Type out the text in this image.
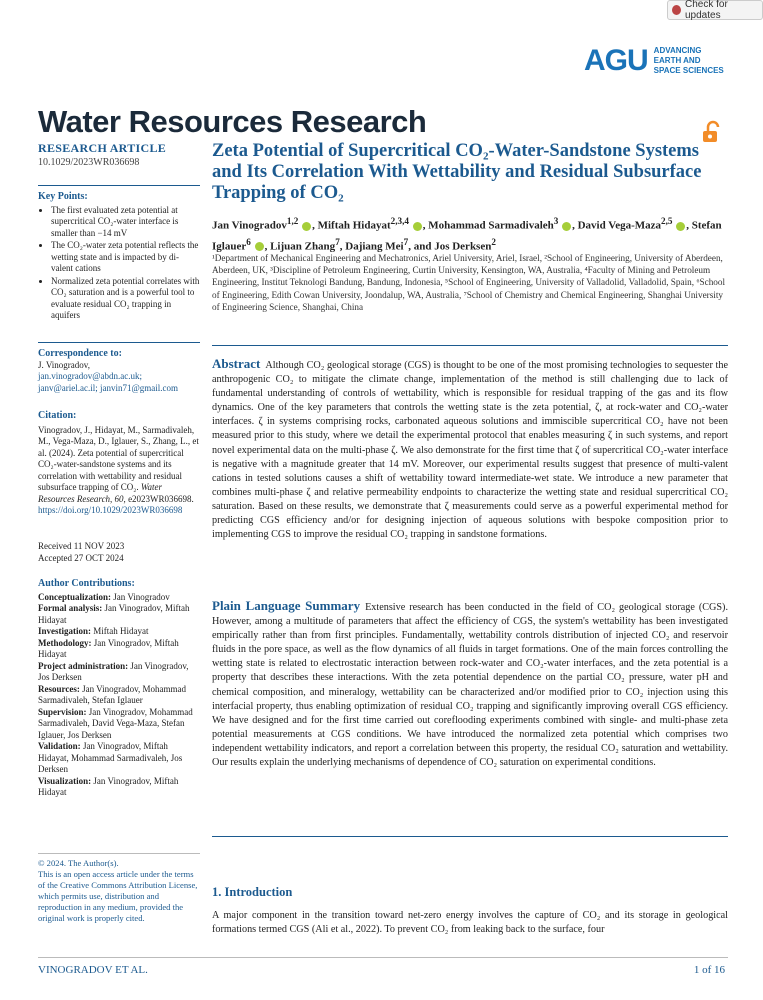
Check for updates
AGU ADVANCING
EARTH AND
SPACE SCIENCES
Water Resources Research
RESEARCH ARTICLE
10.1029/2023WR036698
Key Points:
• The first evaluated zeta potential at supercritical CO₂-water interface is smaller than −14 mV
• The CO₂-water zeta potential reflects the wetting state and is impacted by di-valent cations
• Normalized zeta potential correlates with CO₂ saturation and is a powerful tool to evaluate residual CO₂ trapping in aquifers
Correspondence to:
J. Vinogradov,
jan.vinogradov@abdn.ac.uk; janv@ariel.ac.il; janvin71@gmail.com
Citation:
Vinogradov, J., Hidayat, M., Sarmadivaleh, M., Vega-Maza, D., Iglauer, S., Zhang, L., et al. (2024). Zeta potential of supercritical CO₂-water-sandstone systems and its correlation with wettability and residual subsurface trapping of CO₂. Water Resources Research, 60, e2023WR036698. https://doi.org/10.1029/2023WR036698
Received 11 NOV 2023
Accepted 27 OCT 2024
Author Contributions:
Conceptualization: Jan Vinogradov
Formal analysis: Jan Vinogradov, Miftah Hidayat
Investigation: Miftah Hidayat
Methodology: Jan Vinogradov, Miftah Hidayat
Project administration: Jan Vinogradov, Jos Derksen
Resources: Jan Vinogradov, Mohammad Sarmadivaleh, Stefan Iglauer
Supervision: Jan Vinogradov, Mohammad Sarmadivaleh, David Vega-Maza, Stefan Iglauer, Jos Derksen
Validation: Jan Vinogradov, Miftah Hidayat, Mohammad Sarmadivaleh, Jos Derksen
Visualization: Jan Vinogradov, Miftah Hidayat
© 2024. The Author(s).
This is an open access article under the terms of the Creative Commons Attribution License, which permits use, distribution and reproduction in any medium, provided the original work is properly cited.
Zeta Potential of Supercritical CO₂-Water-Sandstone Systems and Its Correlation With Wettability and Residual Subsurface Trapping of CO₂
Jan Vinogradov$^{1,2}$ , Miftah Hidayat$^{2,3,4}$ , Mohammad Sarmadivaleh$^3$ , David Vega-Maza$^{2,5}$ , Stefan Iglauer$^6$ , Lijuan Zhang$^7$, Dajiang Mei$^7$, and Jos Derksen$^2$
¹Department of Mechanical Engineering and Mechatronics, Ariel University, Ariel, Israel, ²School of Engineering, University of Aberdeen, Aberdeen, UK, ³Discipline of Petroleum Engineering, Curtin University, Kensington, WA, Australia, ⁴Faculty of Mining and Petroleum Engineering, Institut Teknologi Bandung, Bandung, Indonesia, ⁵School of Engineering, University of Valladolid, Valladolid, Spain, ⁶School of Engineering, Edith Cowan University, Joondalup, WA, Australia, ⁷School of Chemistry and Chemical Engineering, Shanghai University of Engineering Science, Shanghai, China
Abstract Although CO₂ geological storage (CGS) is thought to be one of the most promising technologies to sequester the anthropogenic CO₂ to mitigate the climate change, implementation of the method is still challenging due to lack of fundamental understanding of controls of wettability, which is responsible for residual trapping of the gas and its flow dynamics. One of the key parameters that controls the wetting state is the zeta potential, ζ, at rock-water and CO₂-water interfaces. ζ in systems comprising rocks, carbonated aqueous solutions and immiscible supercritical CO₂ have not been measured prior to this study, where we detail the experimental protocol that enables measuring ζ in such systems, and report novel experimental data on the multi-phase ζ. We also demonstrate for the first time that ζ of supercritical CO₂-water interface is negative with a magnitude greater that 14 mV. Moreover, our experimental results suggest that presence of multi-valent cations in tested solutions causes a shift of wettability toward intermediate-wet state. We introduce a new parameter that combines multi-phase ζ and relative permeability endpoints to characterize the wetting state and residual supercritical CO₂ saturation. Based on these results, we demonstrate that ζ measurements could serve as a powerful experimental method for predicting CGS efficiency and/or for designing injection of aqueous solutions with bespoke composition prior to implementing CGS to improve the residual CO₂ trapping in sandstone formations.
Plain Language Summary Extensive research has been conducted in the field of CO₂ geological storage (CGS). However, among a multitude of parameters that affect the efficiency of CGS, the system's wettability has been investigated empirically rather than from first principles. Fundamentally, wettability controls distribution of injected CO₂ and reservoir fluids in the pore space, as well as the flow dynamics of all fluids in target formations. One of the main forces controlling the wetting state is related to electrostatic interaction between rock-water and CO₂-water interfaces, and the zeta potential is a property that describes these interactions. With the zeta potential dependence on the partial CO₂ pressure, water pH and chemical composition, and mineralogy, wettability can be characterized and/or modified prior to CO₂ injection using this interfacial property, thus enabling optimization of residual CO₂ trapping and significantly improving overall CGS efficiency. We have designed and for the first time carried out coreflooding experiments combined with single- and multi-phase zeta potential measurements at CGS conditions. We have introduced the normalized zeta potential which comprises two independent wettability indicators, and report a correlation between this property, the residual CO₂ saturation and wettability. Our results explain the underlying mechanisms of dependence of CO₂ saturation on experimental conditions.
1. Introduction
A major component in the transition toward net-zero energy involves the capture of CO₂ and its storage in geological formations termed CGS (Ali et al., 2022). To prevent CO₂ from leaking back to the surface, four
VINOGRADOV ET AL.	1 of 16
